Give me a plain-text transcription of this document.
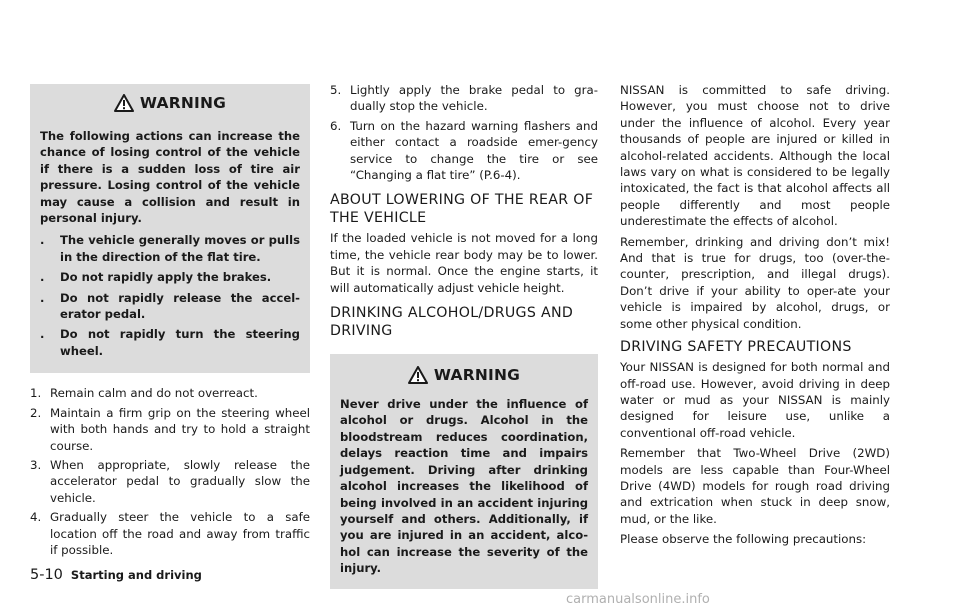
WARNING
The following actions can increase the chance of losing control of the vehicle if there is a sudden loss of tire air pressure. Losing control of the vehicle may cause a collision and result in personal injury.
.	The vehicle generally moves or pulls in the direction of the flat tire.
.	Do not rapidly apply the brakes.
.	Do not rapidly release the accel-erator pedal.
.	Do not rapidly turn the steering wheel.
1. Remain calm and do not overreact.
2. Maintain a firm grip on the steering wheel with both hands and try to hold a straight course.
3. When appropriate, slowly release the accelerator pedal to gradually slow the vehicle.
4. Gradually steer the vehicle to a safe location off the road and away from traffic if possible.
5. Lightly apply the brake pedal to gra-dually stop the vehicle.
6. Turn on the hazard warning flashers and either contact a roadside emer-gency service to change the tire or see “Changing a flat tire” (P.6-4).
ABOUT LOWERING OF THE REAR OF THE VEHICLE
If the loaded vehicle is not moved for a long time, the vehicle rear body may be to lower. But it is normal. Once the engine starts, it will automatically adjust vehicle height.
DRINKING ALCOHOL/DRUGS AND DRIVING
WARNING
Never drive under the influence of alcohol or drugs. Alcohol in the bloodstream reduces coordination, delays reaction time and impairs judgement. Driving after drinking alcohol increases the likelihood of being involved in an accident injuring yourself and others. Additionally, if you are injured in an accident, alco-hol can increase the severity of the injury.
NISSAN is committed to safe driving. However, you must choose not to drive under the influence of alcohol. Every year thousands of people are injured or killed in alcohol-related accidents. Although the local laws vary on what is considered to be legally intoxicated, the fact is that alcohol affects all people differently and most people underestimate the effects of alcohol.
Remember, drinking and driving don’t mix! And that is true for drugs, too (over-the-counter, prescription, and illegal drugs). Don’t drive if your ability to oper-ate your vehicle is impaired by alcohol, drugs, or some other physical condition.
DRIVING SAFETY PRECAUTIONS
Your NISSAN is designed for both normal and off-road use. However, avoid driving in deep water or mud as your NISSAN is mainly designed for leisure use, unlike a conventional off-road vehicle.
Remember that Two-Wheel Drive (2WD) models are less capable than Four-Wheel Drive (4WD) models for rough road driving and extrication when stuck in deep snow, mud, or the like.
Please observe the following precautions:
5-10 Starting and driving
carmanualsonline.info
